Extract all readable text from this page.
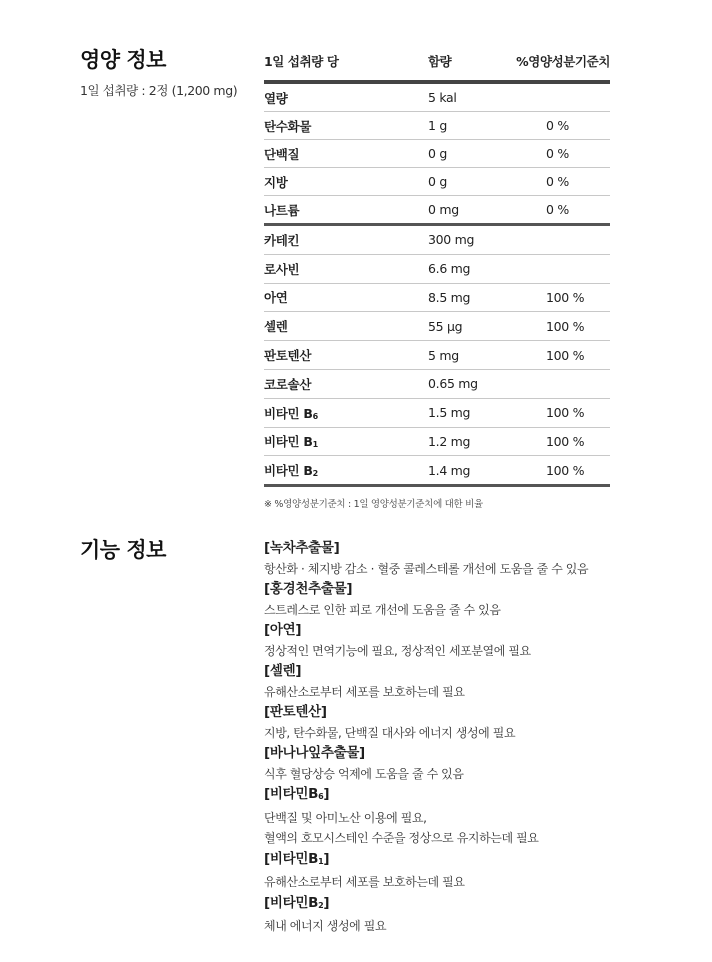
영양 정보
1일 섭취량 : 2정 (1,200 mg)
1일 섭취량 당	함량	%영양성분기준치
열량	5 kal
탄수화물	1 g	0 %
단백질	0 g	0 %
지방	0 g	0 %
나트륨	0 mg	0 %
카테킨	300 mg
로사빈	6.6 mg
아연	8.5 mg	100 %
셀렌	55 µg	100 %
판토텐산	5 mg	100 %
코로솔산	0.65 mg
비타민 $B_6$	1.5 mg	100 %
비타민 $B_1$	1.2 mg	100 %
비타민 $B_2$	1.4 mg	100 %
※ %영양성분기준치 : 1일 영양성분기준치에 대한 비율
기능 정보	[녹차추출물]
항산화 · 체지방 감소 · 혈중 콜레스테롤 개선에 도움을 줄 수 있음
[홍경천추출물]
스트레스로 인한 피로 개선에 도움을 줄 수 있음
[아연]
정상적인 면역기능에 필요, 정상적인 세포분열에 필요
[셀렌]
유해산소로부터 세포를 보호하는데 필요
[판토텐산]
지방, 탄수화물, 단백질 대사와 에너지 생성에 필요
[바나나잎추출물]
식후 혈당상승 억제에 도움을 줄 수 있음
[비타민$B_6$]
단백질 및 아미노산 이용에 필요,
혈액의 호모시스테인 수준을 정상으로 유지하는데 필요
[비타민$B_1$]
유해산소로부터 세포를 보호하는데 필요
[비타민$B_2$]
체내 에너지 생성에 필요
